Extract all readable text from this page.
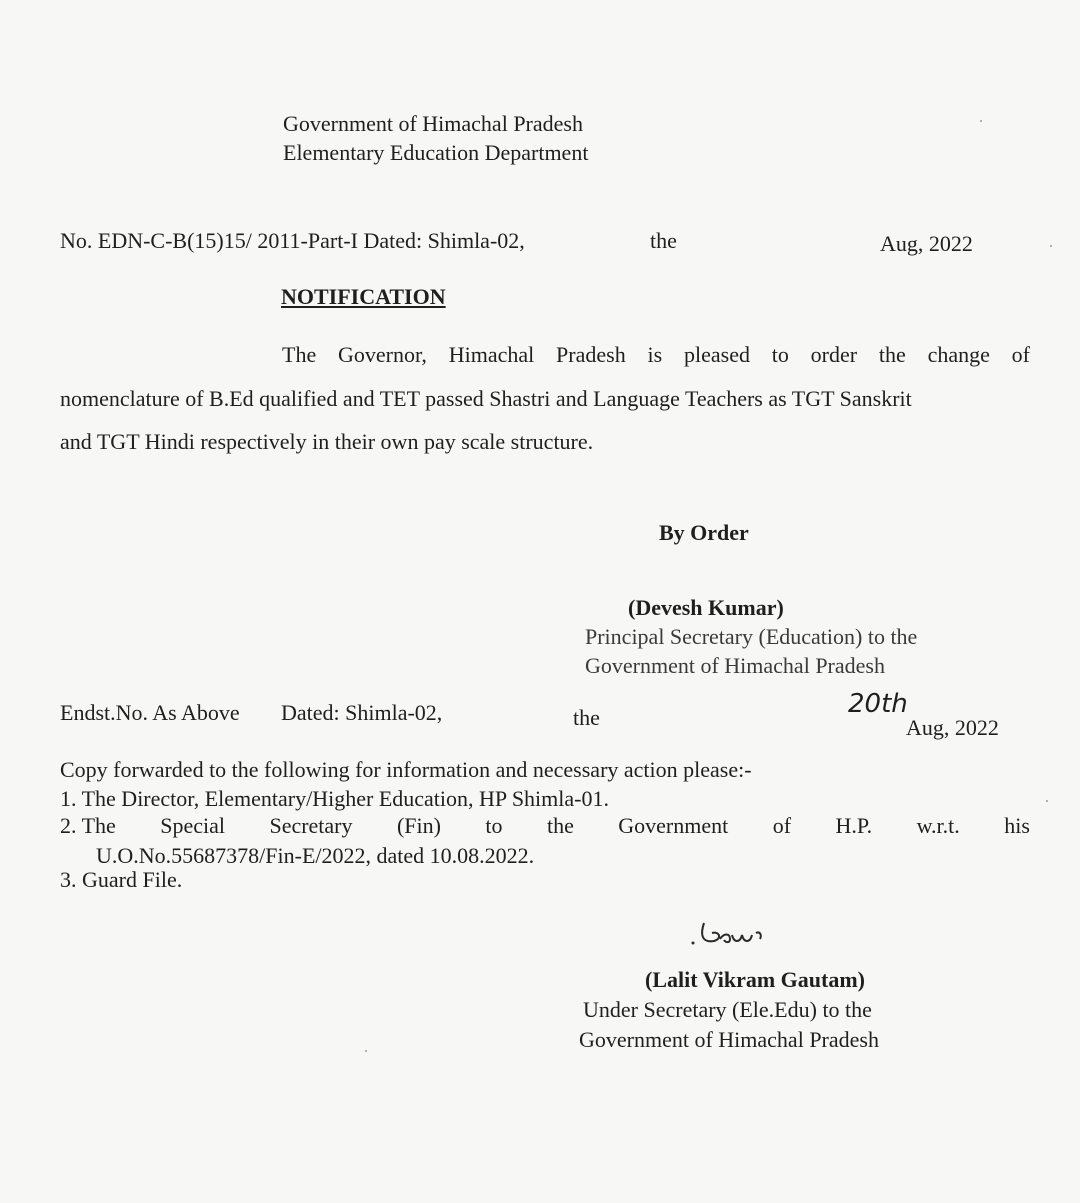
Government of Himachal Pradesh
Elementary Education Department
No. EDN-C-B(15)15/ 2011-Part-I Dated: Shimla-02,	the	Aug, 2022
NOTIFICATION
The Governor, Himachal Pradesh is pleased to order the change of
nomenclature of B.Ed qualified and TET passed Shastri and Language Teachers as TGT Sanskrit
and TGT Hindi respectively in their own pay scale structure.
By Order
(Devesh Kumar)
Principal Secretary (Education) to the
Government of Himachal Pradesh
Endst.No. As Above Dated: Shimla-02,	the	20th
Aug, 2022
Copy forwarded to the following for information and necessary action please:-
1. The Director, Elementary/Higher Education, HP Shimla-01.
2. The Special Secretary (Fin) to the Government of H.P. w.r.t. his
U.O.No.55687378/Fin-E/2022, dated 10.08.2022.
3. Guard File.
(Lalit Vikram Gautam)
Under Secretary (Ele.Edu) to the
Government of Himachal Pradesh
